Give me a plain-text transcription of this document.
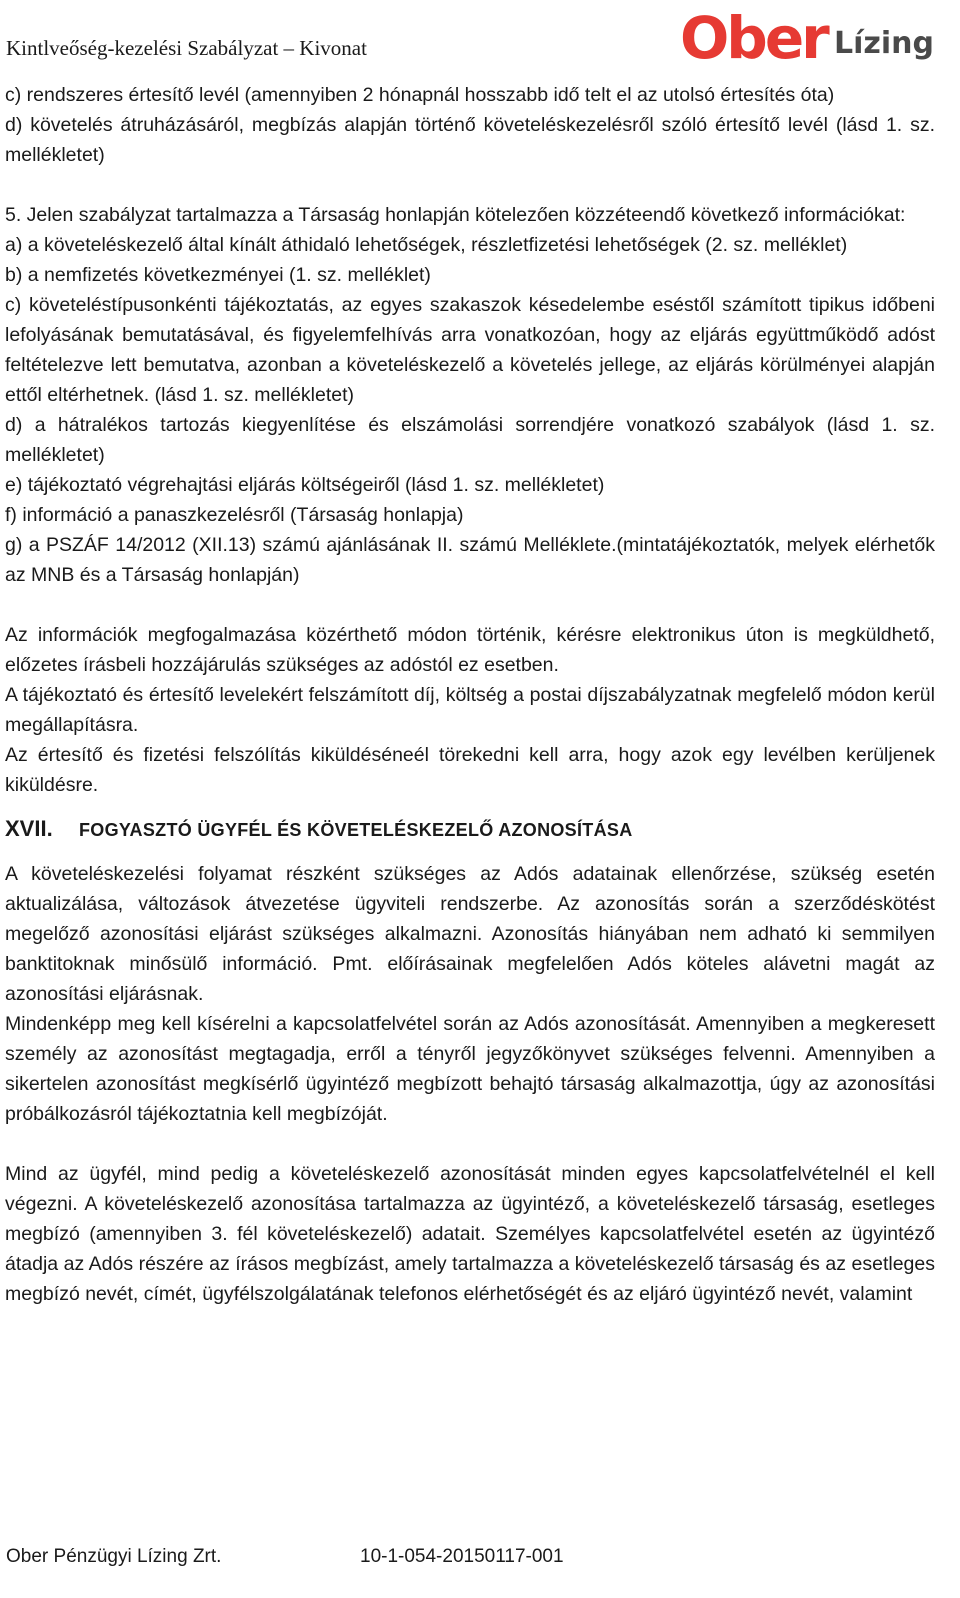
Kintlveőség-kezelési Szabályzat – Kivonat	Ober Lízing

c) rendszeres értesítő levél (amennyiben 2 hónapnál hosszabb idő telt el az utolsó értesítés óta)

d) követelés átruházásáról, megbízás alapján történő követeléskezelésről szóló értesítő levél (lásd 1. sz. mellékletet)

5. Jelen szabályzat tartalmazza a Társaság honlapján kötelezően közzéteendő következő információkat:

a) a követeléskezelő által kínált áthidaló lehetőségek, részletfizetési lehetőségek (2. sz. melléklet)

b) a nemfizetés következményei (1. sz. melléklet)

c) követeléstípusonkénti tájékoztatás, az egyes szakaszok késedelembe eséstől számított tipikus időbeni lefolyásának bemutatásával, és figyelemfelhívás arra vonatkozóan, hogy az eljárás együttműködő adóst feltételezve lett bemutatva, azonban a követeléskezelő a követelés jellege, az eljárás körülményei alapján ettől eltérhetnek. (lásd 1. sz. mellékletet)

d) a hátralékos tartozás kiegyenlítése és elszámolási sorrendjére vonatkozó szabályok (lásd 1. sz. mellékletet)

e) tájékoztató végrehajtási eljárás költségeiről (lásd 1. sz. mellékletet)

f) információ a panaszkezelésről (Társaság honlapja)

g) a PSZÁF 14/2012 (XII.13) számú ajánlásának II. számú Melléklete.(mintatájékoztatók, melyek elérhetők az MNB és a Társaság honlapján)

Az információk megfogalmazása közérthető módon történik, kérésre elektronikus úton is megküldhető, előzetes írásbeli hozzájárulás szükséges az adóstól ez esetben.

A tájékoztató és értesítő levelekért felszámított díj, költség a postai díjszabályzatnak megfelelő módon kerül megállapításra.

Az értesítő és fizetési felszólítás kiküldéséneél törekedni kell arra, hogy azok egy levélben kerüljenek kiküldésre.

XVII.	FOGYASZTÓ ÜGYFÉL ÉS KÖVETELÉSKEZELŐ AZONOSÍTÁSA

A követeléskezelési folyamat részként szükséges az Adós adatainak ellenőrzése, szükség esetén aktualizálása, változások átvezetése ügyviteli rendszerbe. Az azonosítás során a szerződéskötést megelőző azonosítási eljárást szükséges alkalmazni. Azonosítás hiányában nem adható ki semmilyen banktitoknak minősülő információ. Pmt. előírásainak megfelelően Adós köteles alávetni magát az azonosítási eljárásnak.

Mindenképp meg kell kísérelni a kapcsolatfelvétel során az Adós azonosítását. Amennyiben a megkeresett személy az azonosítást megtagadja, erről a tényről jegyzőkönyvet szükséges felvenni. Amennyiben a sikertelen azonosítást megkísérlő ügyintéző megbízott behajtó társaság alkalmazottja, úgy az azonosítási próbálkozásról tájékoztatnia kell megbízóját.

Mind az ügyfél, mind pedig a követeléskezelő azonosítását minden egyes kapcsolatfelvételnél el kell végezni. A követeléskezelő azonosítása tartalmazza az ügyintéző, a követeléskezelő társaság, esetleges megbízó (amennyiben 3. fél követeléskezelő) adatait. Személyes kapcsolatfelvétel esetén az ügyintéző átadja az Adós részére az írásos megbízást, amely tartalmazza a követeléskezelő társaság és az esetleges megbízó nevét, címét, ügyfélszolgálatának telefonos elérhetőségét és az eljáró ügyintéző nevét, valamint

Ober Pénzügyi Lízing Zrt.	10-1-054-20150117-001
